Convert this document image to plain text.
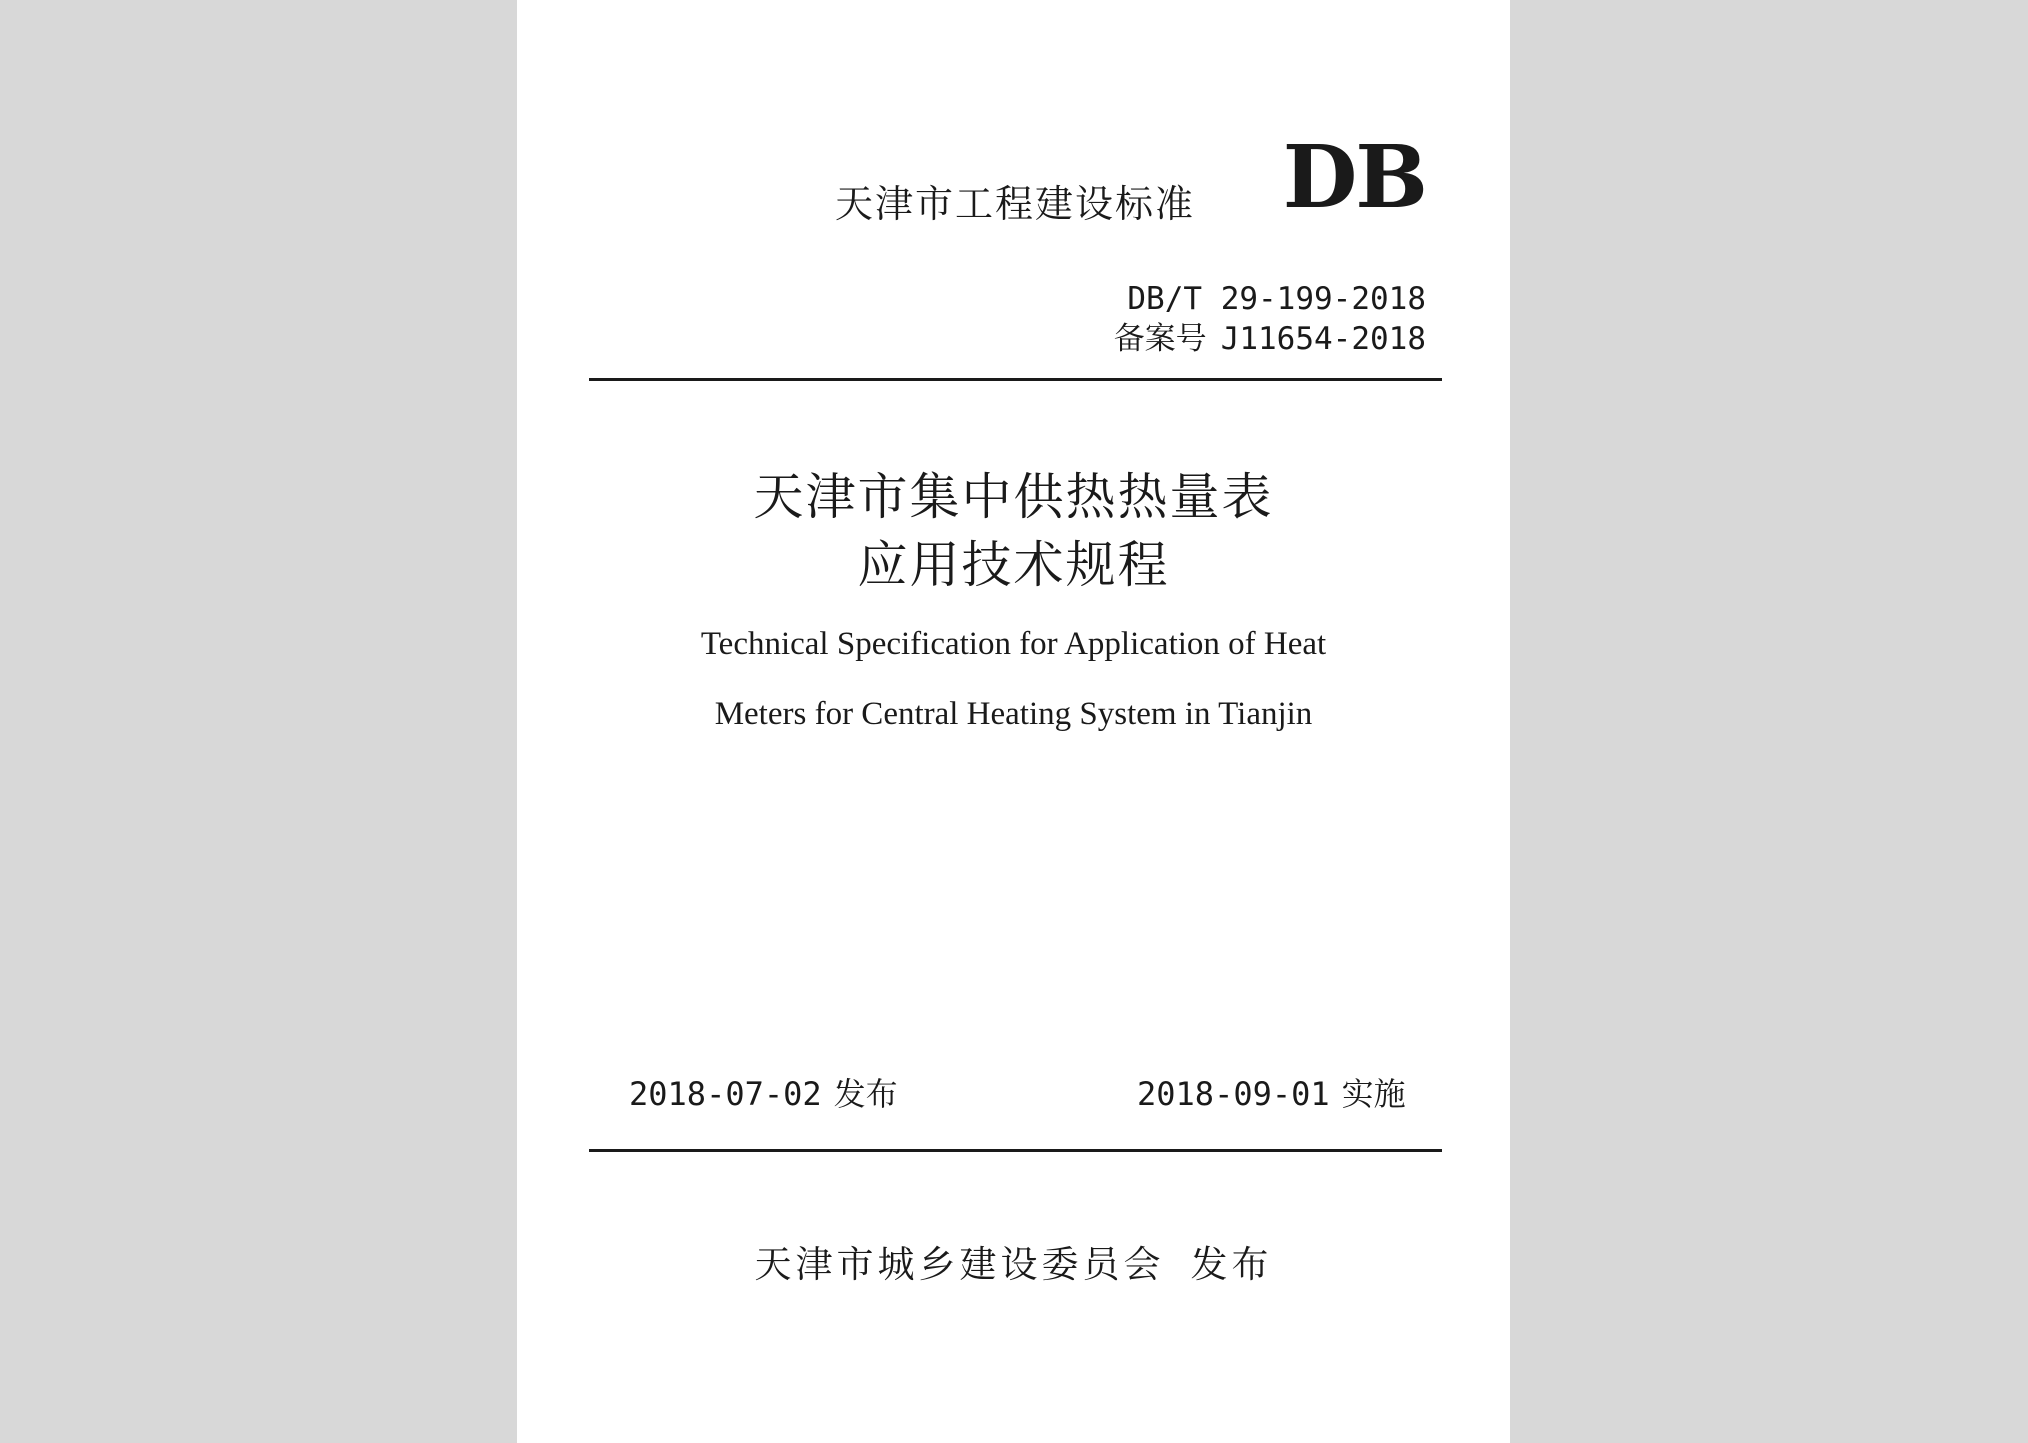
天津市工程建设标准 DB
DB/T 29-199-2018
备案号 J11654-2018
天津市集中供热热量表
应用技术规程
Technical Specification for Application of Heat
Meters for Central Heating System in Tianjin
2018-07-02 发布	2018-09-01 实施
天津市城乡建设委员会 发布
